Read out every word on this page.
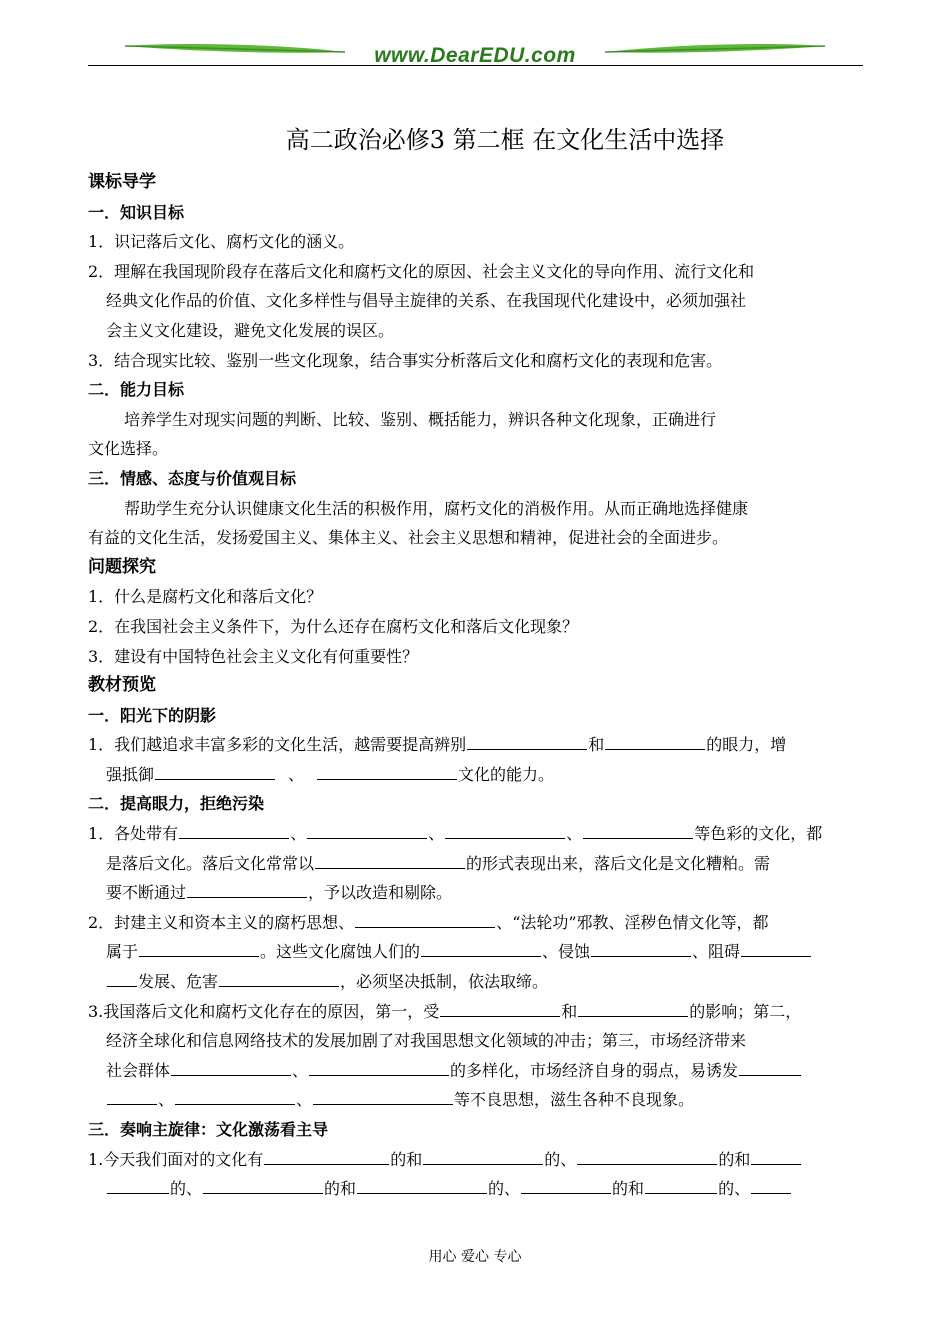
www.DearEDU.com
高二政治必修3 第二框 在文化生活中选择
课标导学
一．知识目标
1．识记落后文化、腐朽文化的涵义。
2．理解在我国现阶段存在落后文化和腐朽文化的原因、社会主义文化的导向作用、流行文化和
经典文化作品的价值、文化多样性与倡导主旋律的关系、在我国现代化建设中，必须加强社
会主义文化建设，避免文化发展的误区。
3．结合现实比较、鉴别一些文化现象，结合事实分析落后文化和腐朽文化的表现和危害。
二．能力目标
培养学生对现实问题的判断、比较、鉴别、概括能力，辨识各种文化现象，正确进行
文化选择。
三．情感、态度与价值观目标
帮助学生充分认识健康文化生活的积极作用，腐朽文化的消极作用。从而正确地选择健康
有益的文化生活，发扬爱国主义、集体主义、社会主义思想和精神，促进社会的全面进步。
问题探究
1．什么是腐朽文化和落后文化？
2．在我国社会主义条件下，为什么还存在腐朽文化和落后文化现象？
3．建设有中国特色社会主义文化有何重要性？
教材预览
一．阳光下的阴影
1．我们越追求丰富多彩的文化生活，越需要提高辨别	和	的眼力，增
强抵御	、	文化的能力。
二．提高眼力，拒绝污染
1．各处带有	、	、	、	等色彩的文化，都
是落后文化。落后文化常常以	的形式表现出来，落后文化是文化糟粕。需
要不断通过	，予以改造和剔除。
2．封建主义和资本主义的腐朽思想、	、“法轮功”邪教、淫秽色情文化等，都
属于	。这些文化腐蚀人们的	、侵蚀	、阻碍
发展、危害	，必须坚决抵制，依法取缔。
3.我国落后文化和腐朽文化存在的原因，第一，受	和	的影响；第二，
经济全球化和信息网络技术的发展加剧了对我国思想文化领域的冲击；第三，市场经济带来
社会群体	、	的多样化，市场经济自身的弱点，易诱发
、	、	等不良思想，滋生各种不良现象。
三．奏响主旋律：文化激荡看主导
1.今天我们面对的文化有	的和	的、	的和
的、	的和	的、	的和	的、
用心 爱心 专心
